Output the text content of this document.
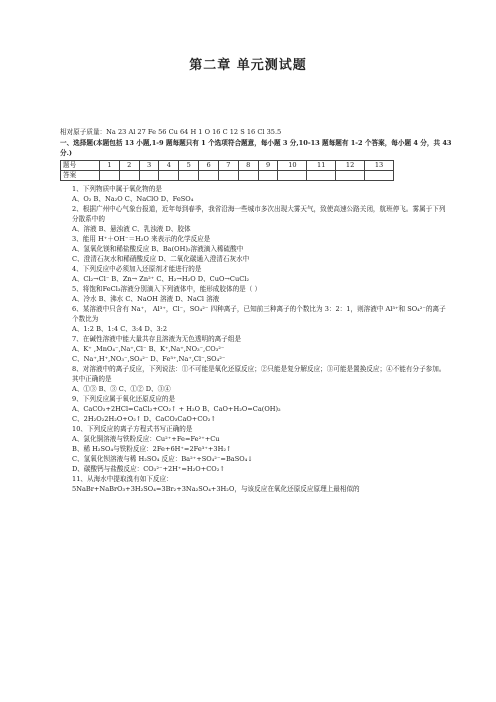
第二章 单元测试题
相对原子质量：Na 23 Al 27 Fe 56 Cu 64 H 1 O 16 C 12 S 16 Cl 35.5
一、选择题(本题包括 13 小题,1-9 题每题只有 1 个选项符合题意，每小题 3 分,10-13 题每题有 1-2 个答案，每小题 4 分，共 43 分.)
题号	1	2	3	4	5	6	7	8	9	10	11	12	13
答案													
1、下列物质中属于氧化物的是
A、O₂ B、Na₂O C、NaClO D、FeSO₄
2、根据广州中心气象台报道，近年每到春季，我省沿海一些城市多次出现大雾天气，致使高速公路关闭，航班停飞。雾属于下列分散系中的
A、溶液 B、悬浊液 C、乳浊液 D、胶体
3、能用 H⁺＋OH⁻＝H₂O 来表示的化学反应是
A、氢氧化镁和稀盐酸反应 B、Ba(OH)₂溶液滴入稀硫酸中
C、澄清石灰水和稀硝酸反应 D、二氧化碳通入澄清石灰水中
4、下列反应中必须加入还原剂才能进行的是
A、Cl₂→Cl⁻ B、Zn→ Zn²⁺ C、H₂→H₂O D、CuO→CuCl₂
5、将饱和FeCl₃溶液分别滴入下列液体中，能形成胶体的是（ ）
A、冷水 B、沸水 C、NaOH 溶液 D、NaCl 溶液
6、某溶液中只含有 Na⁺， Al³⁺，Cl⁻，SO₄²⁻ 四种离子，已知前三种离子的个数比为 3：2：1，则溶液中 Al³⁺和 SO₄²⁻的离子个数比为
A、1:2 B、1:4 C、3:4 D、3:2
7、在碱性溶液中能大量共存且溶液为无色透明的离子组是
A、K⁺ ,MnO₄⁻,Na⁺,Cl⁻ B、K⁺,Na⁺,NO₃⁻,CO₃²⁻
C、Na⁺,H⁺,NO₃⁻,SO₄²⁻ D、Fe³⁺,Na⁺,Cl⁻,SO₄²⁻
8、对溶液中的离子反应，下列说法：①不可能是氧化还原反应；②只能是复分解反应；③可能是置换反应；④不能有分子参加。其中正确的是
A、①③ B、③ C、①② D、③④
9、下列反应属于氧化还原反应的是
A、CaCO₃+2HCl=CaCl₂+CO₂↑ + H₂O B、CaO+H₂O=Ca(OH)₂
C、2H₂O₂2H₂O+O₂↑ D、CaCO₃CaO+CO₂↑
10、下列反应的离子方程式书写正确的是
A、氯化铜溶液与铁粉反应：Cu²⁺+Fe=Fe²⁺+Cu
B、稀 H₂SO₄与铁粉反应：2Fe+6H⁺=2Fe³⁺+3H₂↑
C、氢氧化钡溶液与稀 H₂SO₄ 反应：Ba²⁺+SO₄²⁻=BaSO₄↓
D、碳酸钙与盐酸反应：CO₃²⁻+2H⁺=H₂O+CO₂↑
11、从海水中提取溴有如下反应：
5NaBr+NaBrO₃+3H₂SO₄=3Br₂+3Na₂SO₄+3H₂O，与该反应在氧化还原反应原理上最相似的
